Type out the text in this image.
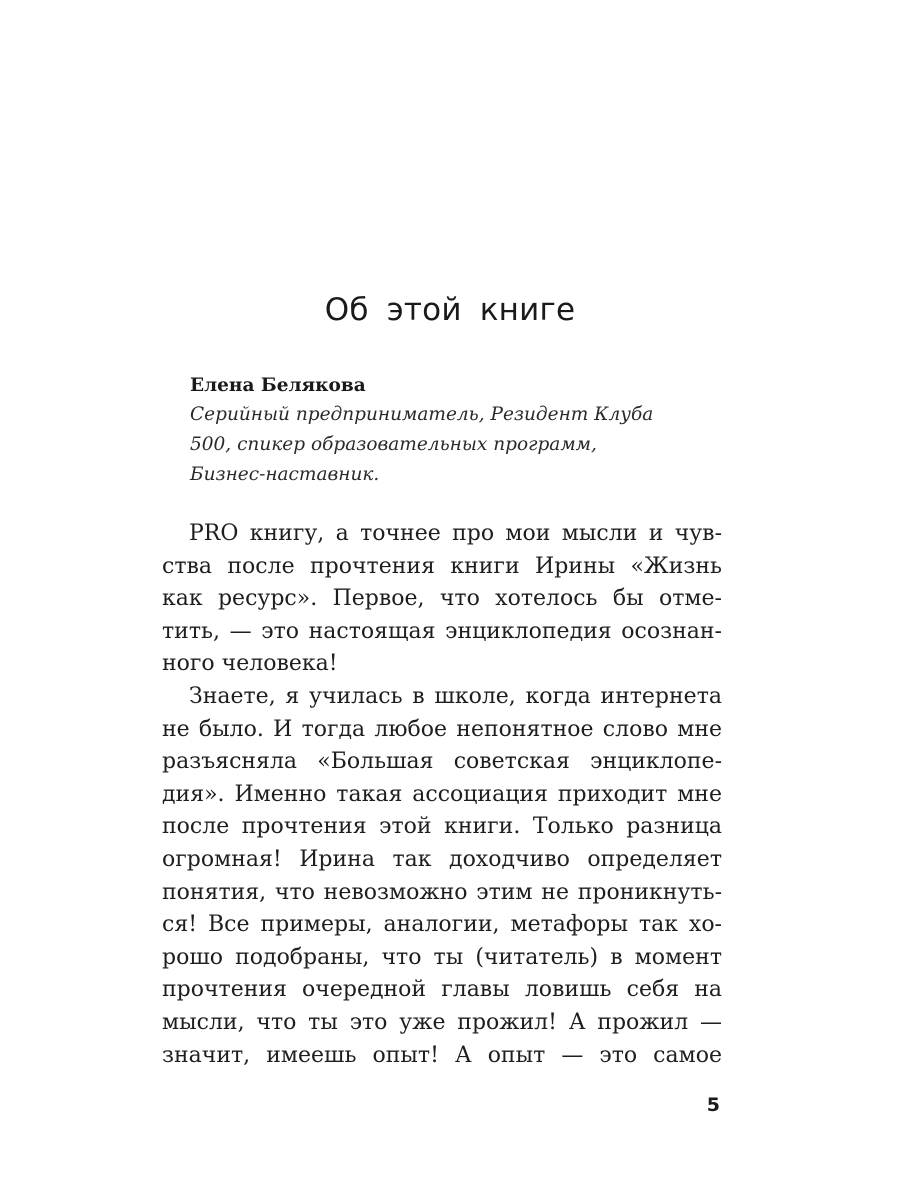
Об этой книге

Елена Белякова

Серийный предприниматель, Резидент Клуба
500, спикер образовательных программ,
Бизнес-наставник.

PRO книгу, а точнее про мои мысли и чув-
ства после прочтения книги Ирины «Жизнь
как ресурс». Первое, что хотелось бы отме-
тить, — это настоящая энциклопедия осознан-
ного человека!
Знаете, я училась в школе, когда интернета
не было. И тогда любое непонятное слово мне
разъясняла «Большая советская энциклопе-
дия». Именно такая ассоциация приходит мне
после прочтения этой книги. Только разница
огромная! Ирина так доходчиво определяет
понятия, что невозможно этим не проникнуть-
ся! Все примеры, аналогии, метафоры так хо-
рошо подобраны, что ты (читатель) в момент
прочтения очередной главы ловишь себя на
мысли, что ты это уже прожил! А прожил —
значит, имеешь опыт! А опыт — это самое

5
